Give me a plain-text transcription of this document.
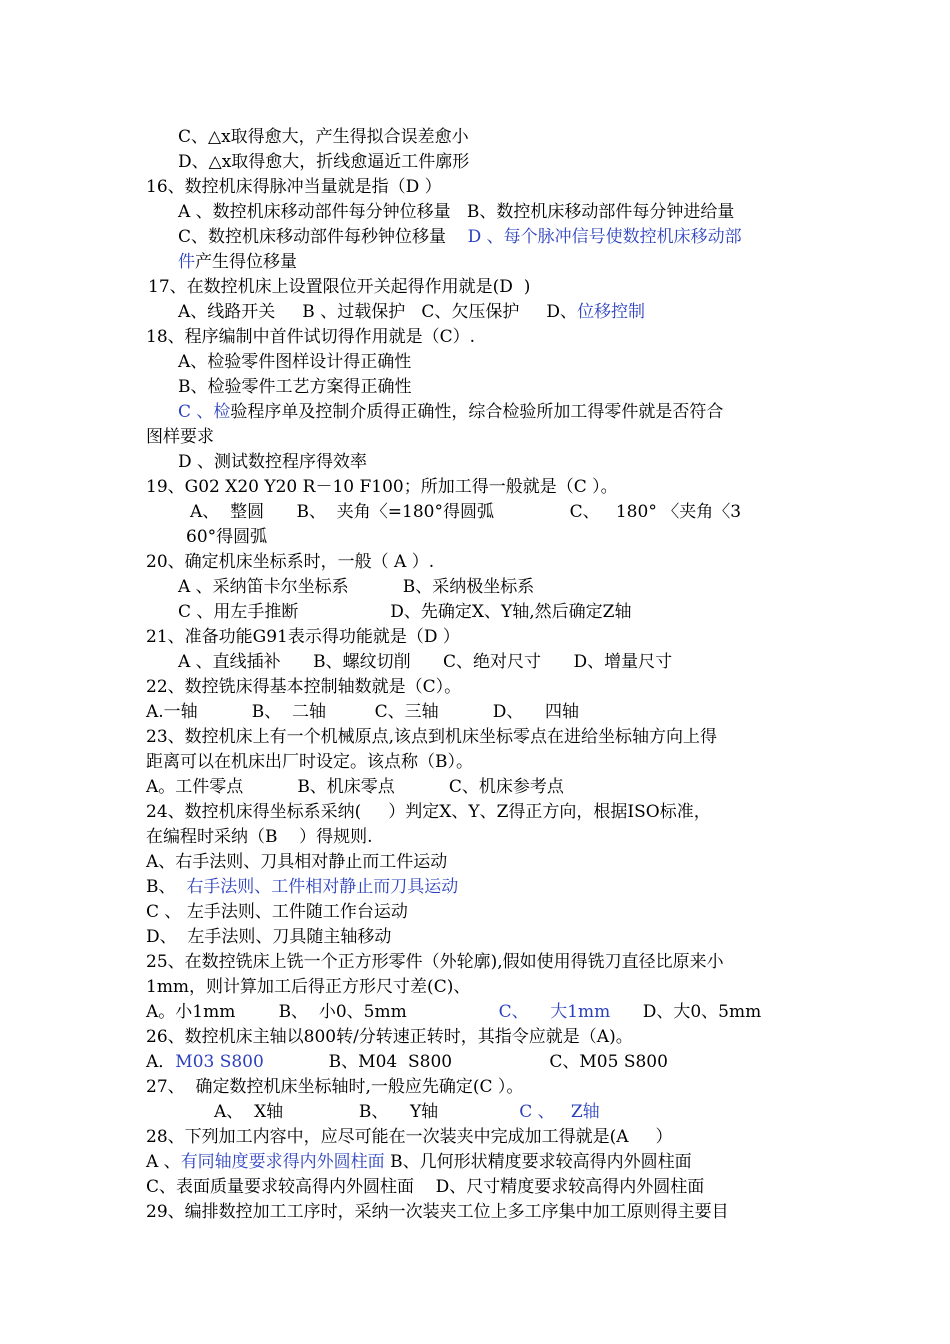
C、△x取得愈大，产生得拟合误差愈小
D、△x取得愈大，折线愈逼近工件廓形
16、数控机床得脉冲当量就是指（D ）
A 、数控机床移动部件每分钟位移量   B、数控机床移动部件每分钟进给量
C、数控机床移动部件每秒钟位移量    D 、每个脉冲信号使数控机床移动部
件产生得位移量
17、在数控机床上设置限位开关起得作用就是(D  )
A、线路开关     B 、过载保护   C、欠压保护     D、位移控制
18、程序编制中首件试切得作用就是（C）.
A、检验零件图样设计得正确性
B、检验零件工艺方案得正确性
C 、检验程序单及控制介质得正确性，综合检验所加工得零件就是否符合
图样要求
D 、测试数控程序得效率
19、G02 X20 Y20 R－10 F100；所加工得一般就是（C ）。
A、  整圆      B、  夹角〈=180°得圆弧              C、   180° 〈夹角〈3
60°得圆弧
20、确定机床坐标系时，一般（ A ）.
A 、采纳笛卡尔坐标系          B、采纳极坐标系
C 、用左手推断                 D、先确定X、Y轴,然后确定Z轴
21、准备功能G91表示得功能就是（D ）
A 、直线插补      B、螺纹切削      C、绝对尺寸      D、增量尺寸
22、数控铣床得基本控制轴数就是（C）。
A.一轴          B、  二轴         C、三轴          D、    四轴
23、数控机床上有一个机械原点,该点到机床坐标零点在进给坐标轴方向上得
距离可以在机床出厂时设定。该点称（B）。
A。工件零点          B、机床零点          C、机床参考点
24、数控机床得坐标系采纳(     ）判定X、Y、Z得正方向，根据ISO标准，
在编程时采纳（B    ）得规则.
A、右手法则、刀具相对静止而工件运动
B、  右手法则、工件相对静止而刀具运动
C 、 左手法则、工件随工作台运动
D、  左手法则、刀具随主轴移动
25、在数控铣床上铣一个正方形零件（外轮廓),假如使用得铣刀直径比原来小
1mm，则计算加工后得正方形尺寸差(C)、
A。小1mm        B、  小0、5mm                 C、    大1mm      D、大0、5mm
26、数控机床主轴以800转/分转速正转时，其指令应就是（A)。
A．M03 S800            B、M04  S800                  C、M05 S800
27、  确定数控机床坐标轴时,一般应先确定(C ）。
A、  X轴              B、    Y轴               C 、   Z轴
28、下列加工内容中，应尽可能在一次装夹中完成加工得就是(A     ）
A 、有同轴度要求得内外圆柱面 B、几何形状精度要求较高得内外圆柱面
C、表面质量要求较高得内外圆柱面    D、尺寸精度要求较高得内外圆柱面
29、编排数控加工工序时，采纳一次装夹工位上多工序集中加工原则得主要目
